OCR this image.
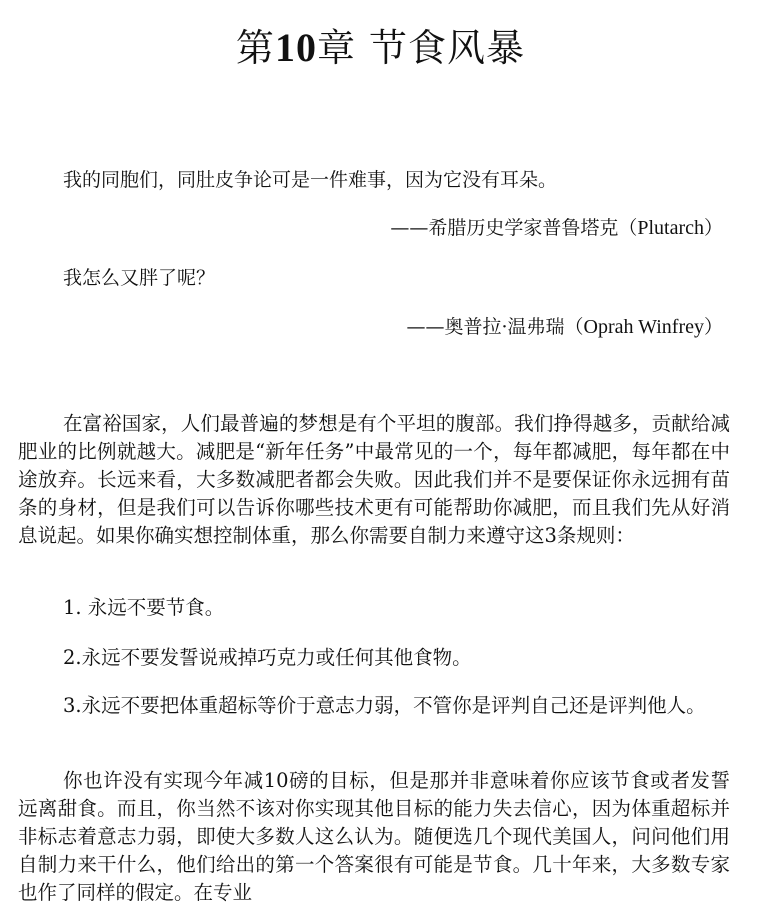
第10章 节食风暴
我的同胞们，同肚皮争论可是一件难事，因为它没有耳朵。
——希腊历史学家普鲁塔克（Plutarch）
我怎么又胖了呢？
——奥普拉·温弗瑞（Oprah Winfrey）

在富裕国家，人们最普遍的梦想是有个平坦的腹部。我们挣得越多，贡献给减肥业的比例就越大。减肥是“新年任务”中最常见的一个，每年都减肥，每年都在中途放弃。长远来看，大多数减肥者都会失败。因此我们并不是要保证你永远拥有苗条的身材，但是我们可以告诉你哪些技术更有可能帮助你减肥，而且我们先从好消息说起。如果你确实想控制体重，那么你需要自制力来遵守这3条规则：

1. 永远不要节食。

2.永远不要发誓说戒掉巧克力或任何其他食物。

3.永远不要把体重超标等价于意志力弱，不管你是评判自己还是评判他人。

你也许没有实现今年减10磅的目标，但是那并非意味着你应该节食或者发誓远离甜食。而且，你当然不该对你实现其他目标的能力失去信心，因为体重超标并非标志着意志力弱，即使大多数人这么认为。随便选几个现代美国人，问问他们用自制力来干什么，他们给出的第一个答案很有可能是节食。几十年来，大多数专家也作了同样的假定。在专业
